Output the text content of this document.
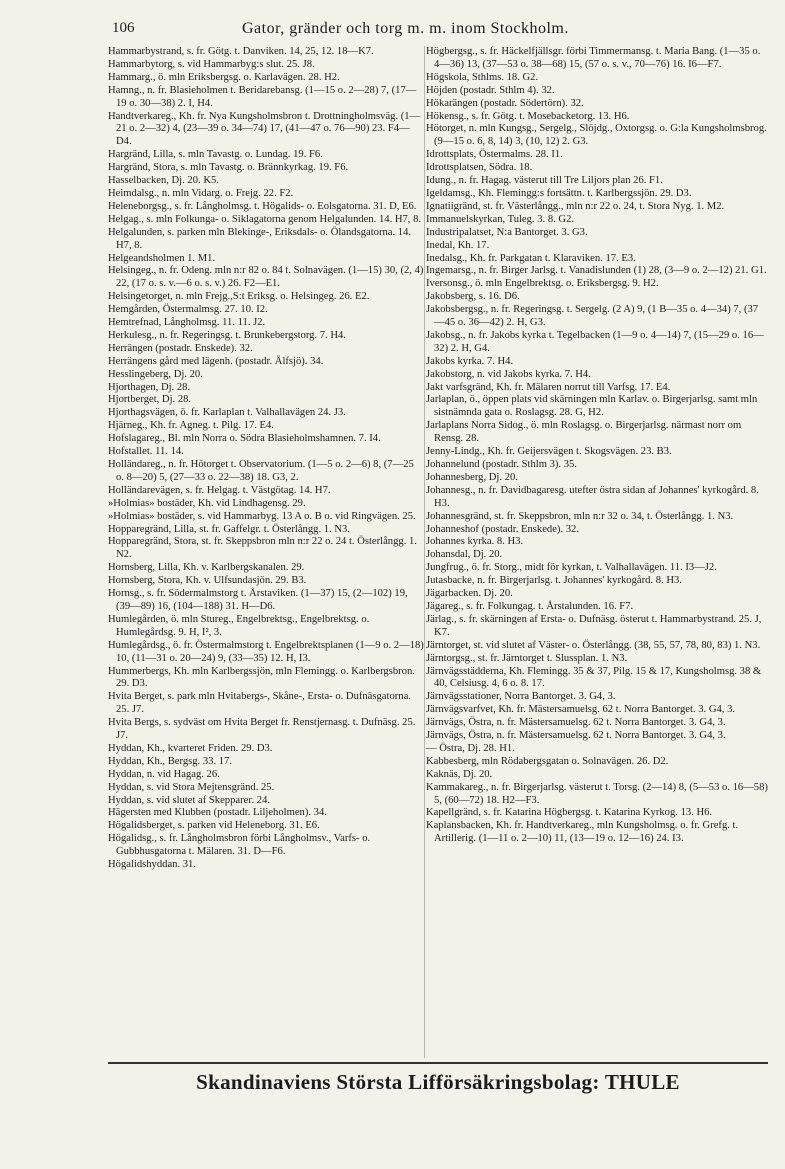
106	Gator, gränder och torg m. m. inom Stockholm.

Hammarbystrand, s. fr. Götg. t. Danviken. 14, 25, 12. 18—K7.

Hammarbytorg, s. vid Hammarbyg:s slut. 25. J8.

Hammarg., ö. mln Eriksbergsg. o. Karlavägen. 28. H2.

Hamng., n. fr. Blasieholmen t. Beridarebansg. (1—15 o. 2—28) 7, (17—19 o. 30—38) 2. I, H4.

Handtverkareg., Kh. fr. Nya Kungsholmsbron t. Drottningholmsväg. (1—21 o. 2—32) 4, (23—39 o. 34—74) 17, (41—47 o. 76—90) 23. F4—D4.

Hargränd, Lilla, s. mln Tavastg. o. Lundag. 19. F6.

Hargränd, Stora, s. mln Tavastg. o. Brännkyrkag. 19. F6.

Hasselbacken, Dj. 20. K5.

Heimdalsg., n. mln Vidarg. o. Frejg. 22. F2.

Heleneborgsg., s. fr. Långholmsg. t. Högalids- o. Eolsgatorna. 31. D, E6.

Helgag., s. mln Folkunga- o. Siklagatorna genom Helgalunden. 14. H7, 8.

Helgalunden, s. parken mln Blekinge-, Eriksdals- o. Ölandsgatorna. 14. H7, 8.

Helgeandsholmen 1. M1.

Helsingeg., n. fr. Odeng. mln n:r 82 o. 84 t. Solnavägen. (1—15) 30, (2, 4) 22, (17 o. s. v.—6 o. s. v.) 26. F2—E1.

Helsingetorget, n. mln Frejg.,S:t Eriksg. o. Helsingeg. 26. E2.

Hemgården, Östermalmsg. 27. 10. I2.

Hemtrefnad, Långholmsg. 11. 11. J2.

Herkulesg., n. fr. Regeringsg. t. Brunkebergstorg. 7. H4.

Herrängen (postadr. Enskede). 32.

Herrängens gård med lägenh. (postadr. Älfsjö). 34.

Hesslingeberg, Dj. 20.

Hjorthagen, Dj. 28.

Hjortberget, Dj. 28.

Hjorthagsvägen, ö. fr. Karlaplan t. Valhallavägen 24. J3.

Hjärneg., Kh. fr. Agneg. t. Pilg. 17. E4.

Hofslagareg., Bl. mln Norra o. Södra Blasieholmshamnen. 7. I4.

Hofstallet. 11. 14.

Holländareg., n. fr. Hötorget t. Observatorium. (1—5 o. 2—6) 8, (7—25 o. 8—20) 5, (27—33 o. 22—38) 18. G3, 2.

Holländarevägen, s. fr. Helgag. t. Västgötag. 14. H7.

»Holmias» bostäder, Kh. vid Lindhagensg. 29.

»Holmias» bostäder, s. vid Hammarbyg. 13 A o. B o. vid Ringvägen. 25.

Hopparegränd, Lilla, st. fr. Gaffelgr. t. Österlångg. 1. N3.

Hopparegränd, Stora, st. fr. Skeppsbron mln n:r 22 o. 24 t. Österlångg. 1. N2.

Hornsberg, Lilla, Kh. v. Karlbergskanalen. 29.

Hornsberg, Stora, Kh. v. Ulfsundasjön. 29. B3.

Hornsg., s. fr. Södermalmstorg t. Årstaviken. (1—37) 15, (2—102) 19, (39—89) 16, (104—188) 31. H—D6.

Humlegården, ö. mln Stureg., Engelbrektsg., Engelbrektsg. o. Humlegårdsg. 9. H, I², 3.

Humlegårdsg., ö. fr. Östermalmstorg t. Engelbrektsplanen (1—9 o. 2—18) 10, (11—31 o. 20—24) 9, (33—35) 12. H, I3.

Hummerbergs, Kh. mln Karlbergssjön, mln Flemingg. o. Karlbergsbron. 29. D3.

Hvita Berget, s. park mln Hvitabergs-, Skåne-, Ersta- o. Dufnäsgatorna. 25. J7.

Hvita Bergs, s. sydväst om Hvita Berget fr. Renstjernasg. t. Dufnäsg. 25. J7.

Hyddan, Kh., kvarteret Friden. 29. D3.

Hyddan, Kh., Bergsg. 33. 17.

Hyddan, n. vid Hagag. 26.

Hyddan, s. vid Stora Mejtensgränd. 25.

Hyddan, s. vid slutet af Skepparег. 24.

Hägersten med Klubben (postadr. Liljeholmen). 34.

Högalidsberget, s. parken vid Heleneborg. 31. E6.

Högalidsg., s. fr. Långholmsbron förbi Långholmsv., Varfs- o. Gubbhusgatorna t. Mälaren. 31. D—F6.

Högalidshyddan. 31.

Högbergsg., s. fr. Häckelfjällsgr. förbi Timmermansg. t. Maria Bang. (1—35 o. 4—36) 13, (37—53 o. 38—68) 15, (57 o. s. v., 70—76) 16. I6—F7.

Högskola, Sthlms. 18. G2.

Höjden (postadr. Sthlm 4). 32.

Hökarängen (postadr. Södertörn). 32.

Hökensg., s. fr. Götg. t. Mosebacketorg. 13. H6.

Hötorget, n. mln Kungsg., Sergelg., Slöjdg., Oxtorgsg. o. G:la Kungsholmsbrog. (9—15 o. 6, 8, 14) 3, (10, 12) 2. G3.

Idrottsplats, Östermalms. 28. I1.

Idrottsplatsen, Södra. 18.

Idung., n. fr. Hagag. västerut till Tre Liljors plan 26. F1.

Igeldamsg., Kh. Flemingg:s fortsättn. t. Karlbergssjön. 29. D3.

Ignatiigränd, st. fr. Västerlångg., mln n:r 22 o. 24, t. Stora Nyg. 1. M2.

Immanuelskyrkan, Tuleg. 3. 8. G2.

Industripalatset, N:a Bantorget. 3. G3.

Inedal, Kh. 17.

Inedalsg., Kh. fr. Parkgatan t. Klaraviken. 17. E3.

Ingemarsg., n. fr. Birger Jarlsg. t. Vanadislunden (1) 28, (3—9 o. 2—12) 21. G1.

Iversonsg., ö. mln Engelbrektsg. o. Eriksbergsg. 9. H2.

Jakobsberg, s. 16. D6.

Jakobsbergsg., n. fr. Regeringsg. t. Sergelg. (2 A) 9, (1 B—35 o. 4—34) 7, (37—45 o. 36—42) 2. H, G3.

Jakobsg., n. fr. Jakobs kyrka t. Tegelbacken (1—9 o. 4—14) 7, (15—29 o. 16—32) 2. H, G4.

Jakobs kyrka. 7. H4.

Jakobstorg, n. vid Jakobs kyrka. 7. H4.

Jakt varfsgränd, Kh. fr. Mälaren norrut till Varfsg. 17. E4.

Jarlaplan, ö., öppen plats vid skärningen mln Karlav. o. Birgerjarlsg. samt mln sistnämnda gata o. Roslagsg. 28. G, H2.

Jarlaplans Norra Sidog., ö. mln Roslagsg. o. Birgerjarlsg. närmast norr om Rensg. 28.

Jenny-Lindg., Kh. fr. Geijersvägen t. Skogsvägen. 23. B3.

Johannelund (postadr. Sthlm 3). 35.

Johannesberg, Dj. 20.

Johannesg., n. fr. Davidbagaresg. utefter östra sidan af Johannes' kyrkogård. 8. H3.

Johannesgränd, st. fr. Skeppsbron, mln n:r 32 o. 34, t. Österlångg. 1. N3.

Johanneshof (postadr. Enskede). 32.

Johannes kyrka. 8. H3.

Johansdal, Dj. 20.

Jungfrug., ö. fr. Storg., midt för kyrkan, t. Valhallavägen. 11. I3—J2.

Jutasbacke, n. fr. Birgerjarlsg. t. Johannes' kyrkogård. 8. H3.

Jägarbacken. Dj. 20.

Jägareg., s. fr. Folkungag. t. Årstalunden. 16. F7.

Järlag., s. fr. skärningen af Ersta- o. Dufnäsg. österut t. Hammarbystrand. 25. J, K7.

Järntorget, st. vid slutet af Väster- o. Österlångg. (38, 55, 57, 78, 80, 83) 1. N3.

Järntorgsg., st. fr. Järntorget t. Slussplan. 1. N3.

Järnvägsstädderna, Kh. Flemingg. 35 & 37, Pilg. 15 & 17, Kungsholmsg. 38 & 40, Celsiusg. 4, 6 o. 8. 17.

Järnvägsstationer, Norra Bantorget. 3. G4, 3.

Järnvägsvarfvet, Kh. fr. Mästersamuelsg. 62 t. Norra Bantorget. 3. G4, 3.

Järnvägs, Östra, n. fr. Mästersamuelsg. 62 t. Norra Bantorget. 3. G4, 3.

Järnvägs, Östra, n. fr. Mästersamuelsg. 62 t. Norra Bantorget. 3. G4, 3.

— Östra, Dj. 28. H1.

Kabbesberg, mln Rödabergsgatan o. Solnavägen. 26. D2.

Kaknäs, Dj. 20.

Kammakareg., n. fr. Birgerjarlsg. västerut t. Torsg. (2—14) 8, (5—53 o. 16—58) 5, (60—72) 18. H2—F3.

Kapellgränd, s. fr. Katarina Högbergsg. t. Katarina Kyrkog. 13. H6.

Kaplansbacken, Kh. fr. Handtverkareg., mln Kungsholmsg. o. fr. Grefg. t. Artillerig. (1—11 o. 2—10) 11, (13—19 o. 12—16) 24. I3.

Skandinaviens Största Lifförsäkringsbolag: THULE
